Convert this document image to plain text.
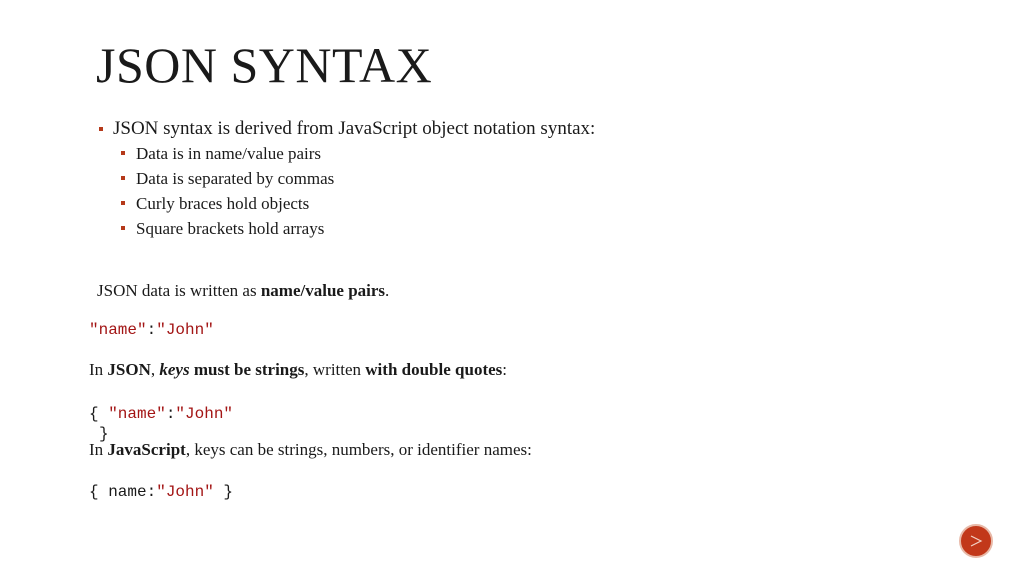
JSON SYNTAX
JSON syntax is derived from JavaScript object notation syntax:
Data is in name/value pairs
Data is separated by commas
Curly braces hold objects
Square brackets hold arrays

JSON data is written as name/value pairs.

"name":"John"

In JSON, keys must be strings, written with double quotes:

{ "name":"John"
}

In JavaScript, keys can be strings, numbers, or identifier names:

{ name:"John" }
